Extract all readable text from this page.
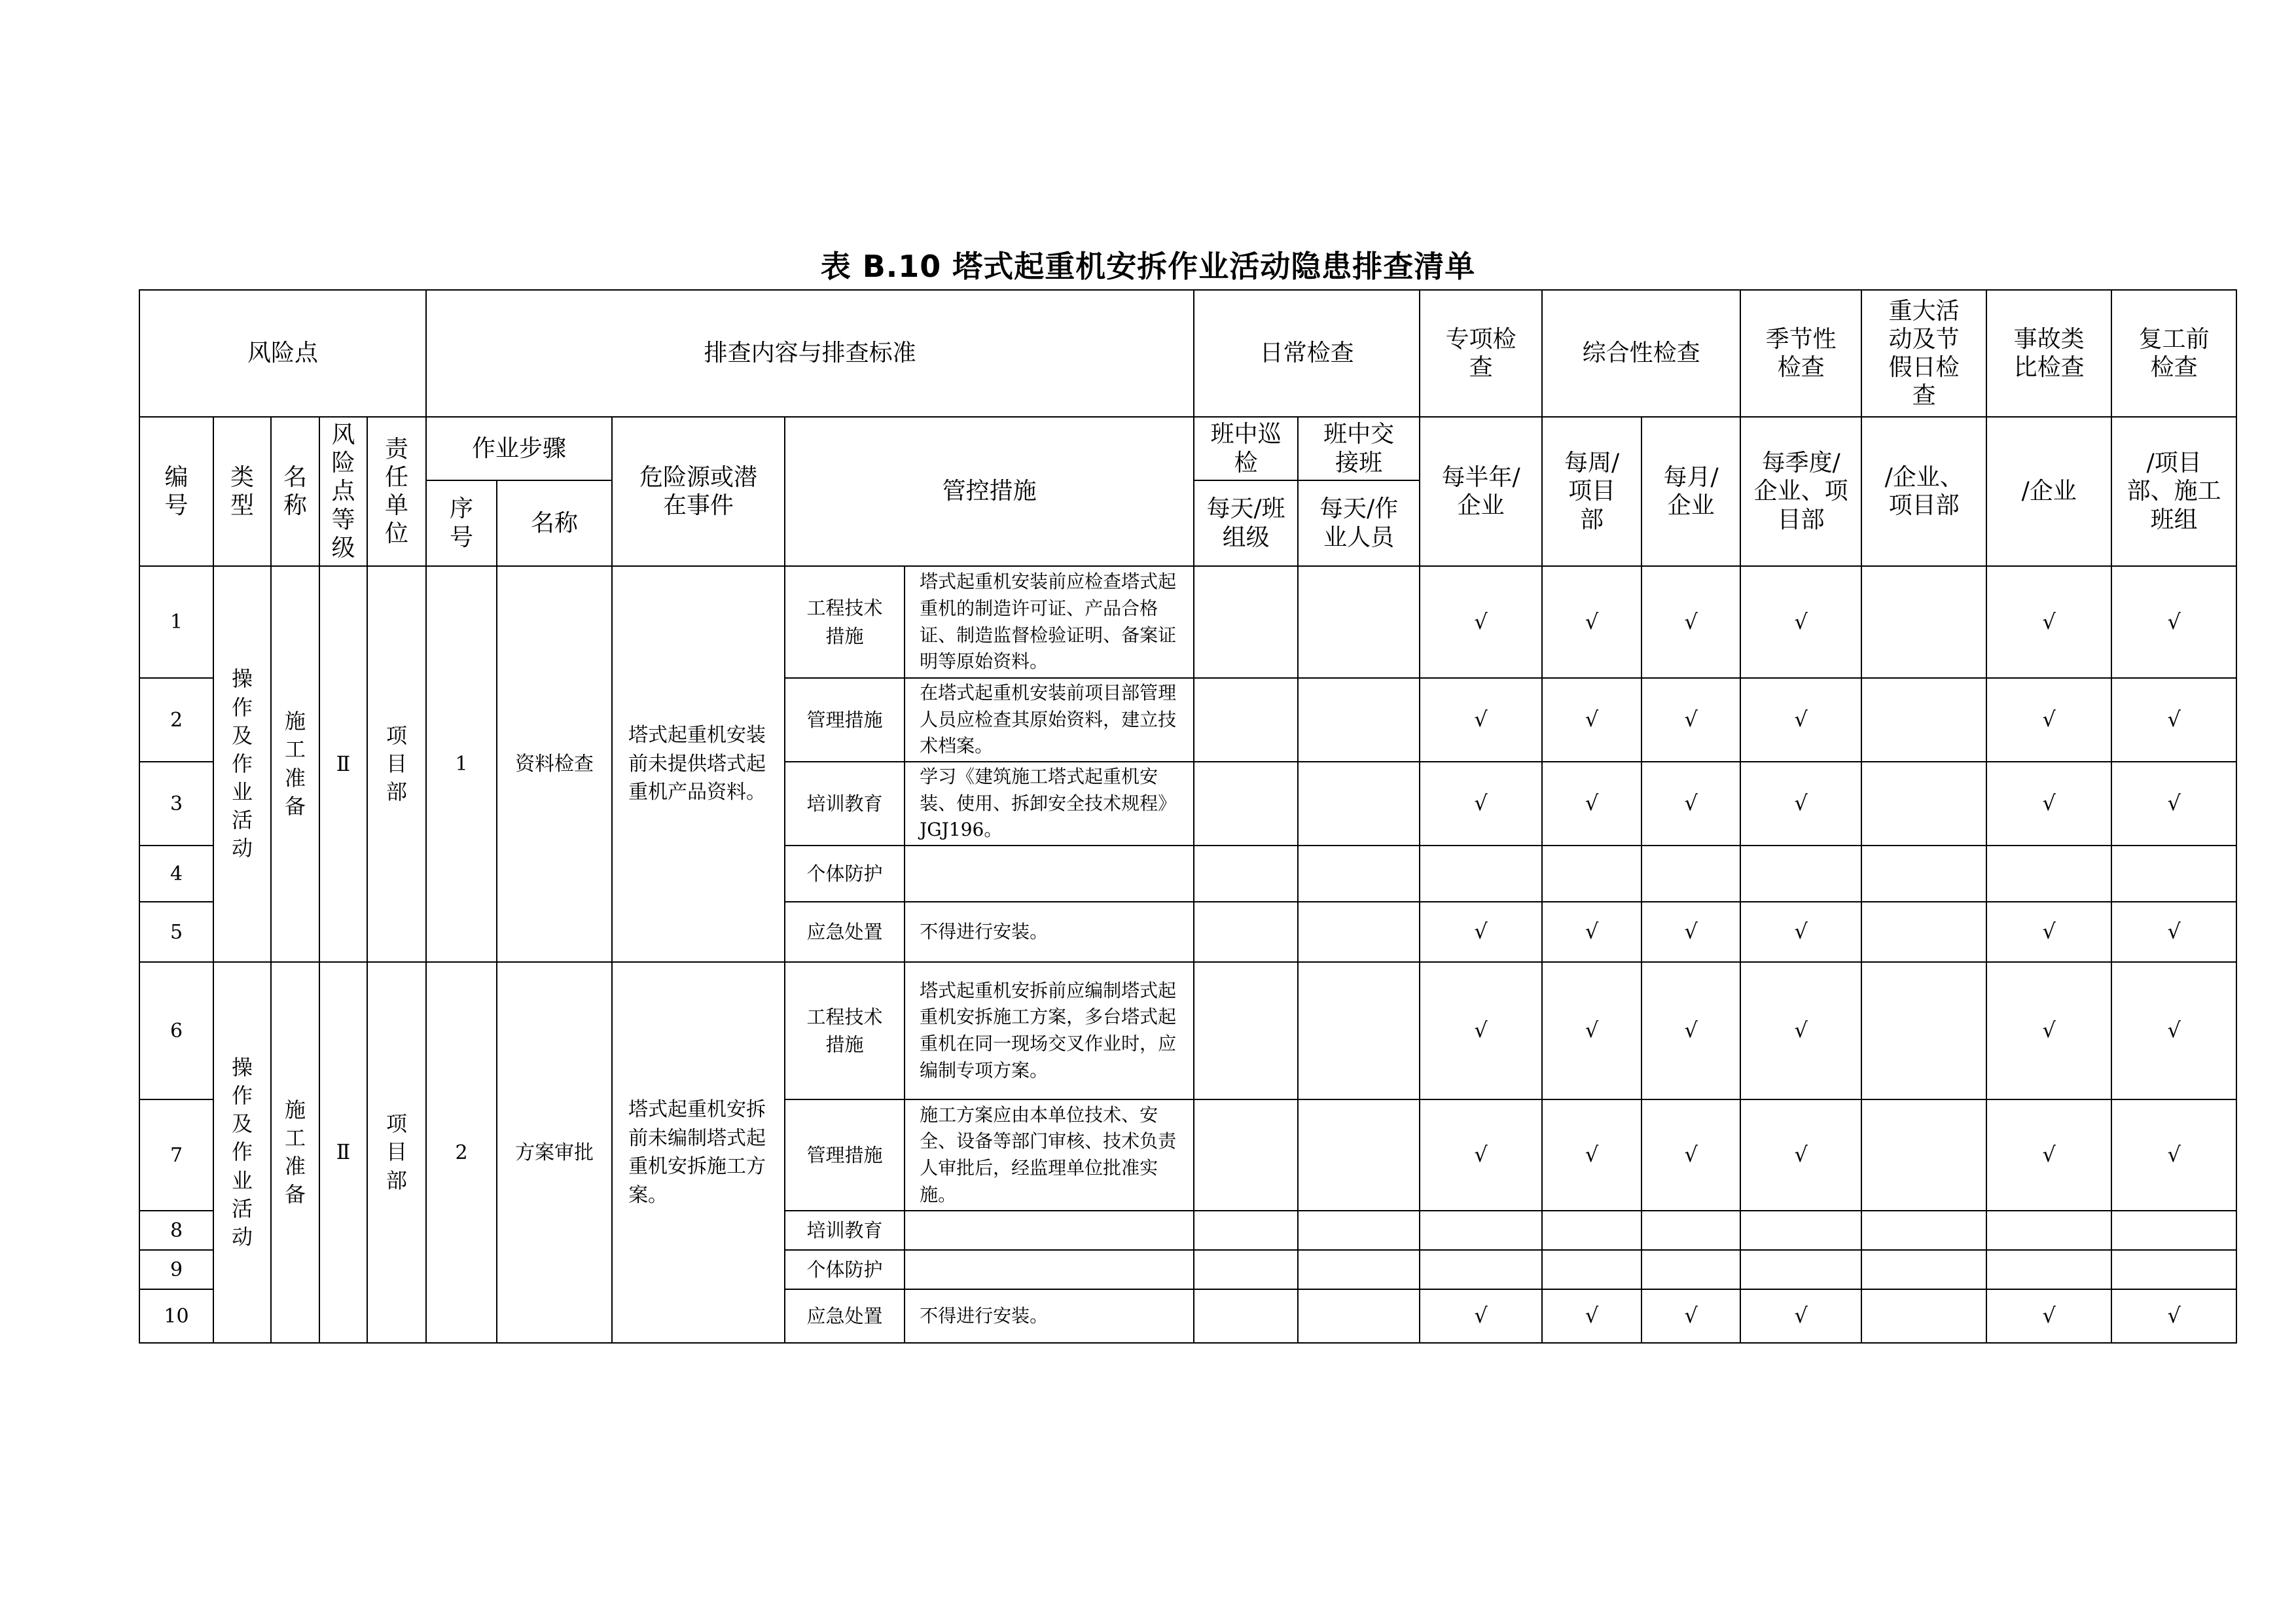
表 B.10 塔式起重机安拆作业活动隐患排查清单
风险点					排查内容与排查标准					日常检查		专项检查	综合性检查		季节性检查	重大活动及节假日检查	事故类比检查	复工前检查

编号	类型	名称	风险点等级	责任单位	作业步骤		危险源或潜在事件	管控措施		班中巡检	班中交接班	每半年/企业	每周/项目部	每月/企业	每季度/企业、项目部	/企业、项目部	/企业	/项目部、施工班组

					序号	名称				每天/班组级	每天/作业人员							

1	操作及作业活动	施工准备	Ⅱ	项目部	1	资料检查	塔式起重机安装前未提供塔式起重机产品资料。	工程技术措施	塔式起重机安装前应检查塔式起重机的制造许可证、产品合格证、制造监督检验证明、备案证明等原始资料。			√	√	√	√		√	√
2								管理措施	在塔式起重机安装前项目部管理人员应检查其原始资料，建立技术档案。			√	√	√	√		√	√
3								培训教育	学习《建筑施工塔式起重机安装、使用、拆卸安全技术规程》JGJ196。			√	√	√	√		√	√
4								个体防护										

5								应急处置	不得进行安装。			√	√	√	√		√	√
6	操作及作业活动	施工准备	Ⅱ	项目部	2	方案审批	塔式起重机安拆前未编制塔式起重机安拆施工方案。	工程技术措施	塔式起重机安拆前应编制塔式起重机安拆施工方案，多台塔式起重机在同一现场交叉作业时，应编制专项方案。			√	√	√	√		√	√
7								管理措施	施工方案应由本单位技术、安全、设备等部门审核、技术负责人审批后，经监理单位批准实施。			√	√	√	√		√	√
8								培训教育										

9								个体防护										

10								应急处置	不得进行安装。			√	√	√	√		√	√
